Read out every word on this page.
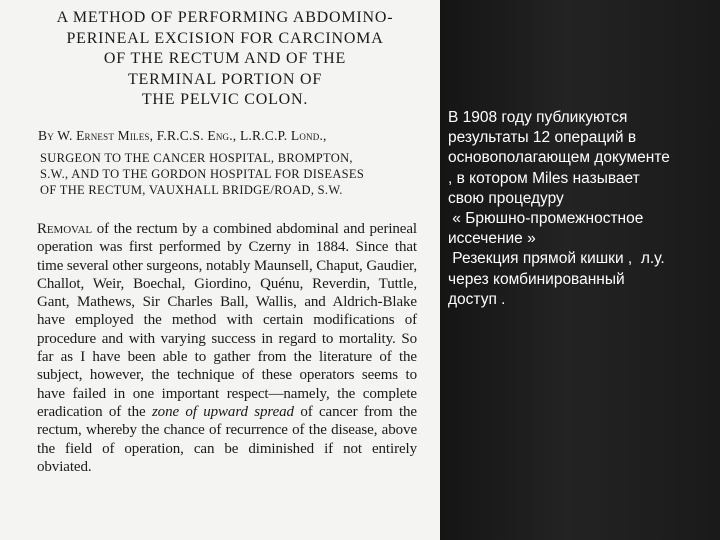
A METHOD OF PERFORMING ABDOMINO-
PERINEAL EXCISION FOR CARCINOMA
OF THE RECTUM AND OF THE
TERMINAL PORTION OF
THE PELVIC COLON.
By W. Ernest Miles, F.R.C.S. Eng., L.R.C.P. Lond.,
SURGEON TO THE CANCER HOSPITAL, BROMPTON,
S.W., AND TO THE GORDON HOSPITAL FOR DISEASES
OF THE RECTUM, VAUXHALL BRIDGE/ROAD, S.W.

Removal of the rectum by a combined abdominal and perineal operation was first performed by Czerny in 1884. Since that time several other surgeons, notably Maunsell, Chaput, Gaudier, Challot, Weir, Boechal, Giordino, Quénu, Reverdin, Tuttle, Gant, Mathews, Sir Charles Ball, Wallis, and Aldrich-Blake have employed the method with certain modifications of procedure and with varying success in regard to mortality. So far as I have been able to gather from the literature of the subject, however, the technique of these operators seems to have failed in one important respect—namely, the complete eradication of the zone of upward spread of cancer from the rectum, whereby the chance of recurrence of the disease, above the field of operation, can be diminished if not entirely obviated.

В 1908 году публикуются
результаты 12 операций в
основополагающем документе
, в котором Miles называет
свою процедуру
« Брюшно-промежностное
иссечение »
Резекция прямой кишки ,  л.у.
через комбинированный
доступ .
